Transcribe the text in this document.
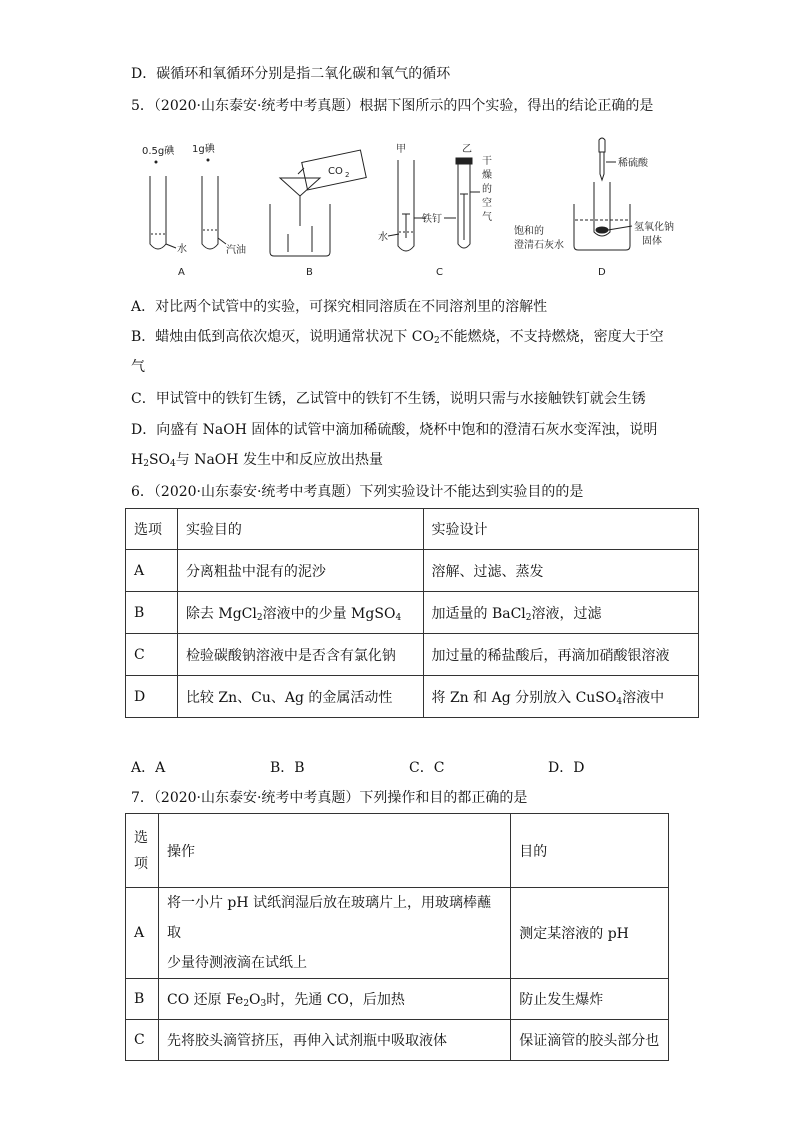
D．碳循环和氧循环分别是指二氧化碳和氧气的循环
5．（2020·山东泰安·统考中考真题）根据下图所示的四个实验，得出的结论正确的是
0.5g碘 1g碘
水	汽油
A
CO 2
B
甲	乙
铁钉
水
干
燥
的
空
气
C
稀硫酸
饱和的
澄清石灰水
氢氧化钠
固体
D
A．对比两个试管中的实验，可探究相同溶质在不同溶剂里的溶解性
B．蜡烛由低到高依次熄灭，说明通常状况下 $CO_2$不能燃烧，不支持燃烧，密度大于空
气
C．甲试管中的铁钉生锈，乙试管中的铁钉不生锈，说明只需与水接触铁钉就会生锈
D．向盛有 NaOH 固体的试管中滴加稀硫酸，烧杯中饱和的澄清石灰水变浑浊，说明
$H_2SO_4$与 NaOH 发生中和反应放出热量
6．（2020·山东泰安·统考中考真题）下列实验设计不能达到实验目的的是
选项	实验目的	实验设计
A	分离粗盐中混有的泥沙	溶解、过滤、蒸发
B	除去 MgCl$_2$溶液中的少量 MgSO$_4$	加适量的 BaCl$_2$溶液，过滤
C	检验碳酸钠溶液中是否含有氯化钠	加过量的稀盐酸后，再滴加硝酸银溶液
D	比较 Zn、Cu、Ag 的金属活动性	将 Zn 和 Ag 分别放入 CuSO$_4$溶液中
A．A	B．B	C．C	D．D
7．（2020·山东泰安·统考中考真题）下列操作和目的都正确的是
选
项	操作	目的
A	将一小片 pH 试纸润湿后放在玻璃片上，用玻璃棒蘸取
少量待测液滴在试纸上	测定某溶液的 pH
B	CO 还原 $Fe_2O_3$时，先通 CO，后加热	防止发生爆炸
C	先将胶头滴管挤压，再伸入试剂瓶中吸取液体	保证滴管的胶头部分也
